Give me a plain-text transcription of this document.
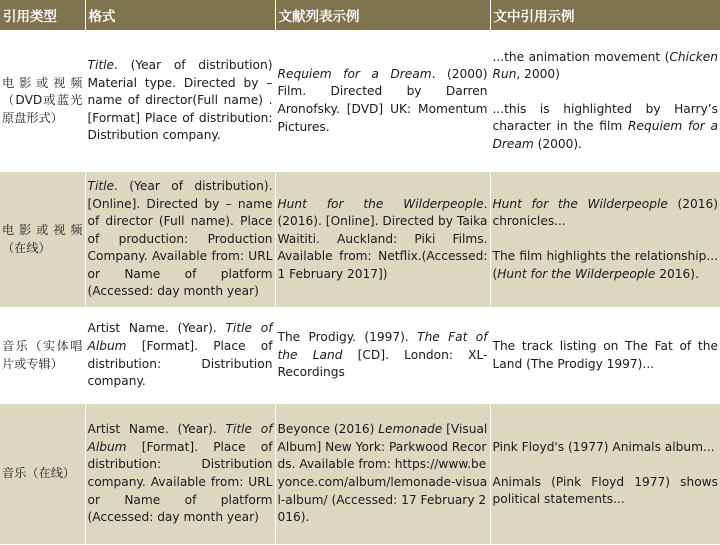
引用类型	格式	文献列表示例	文中引用示例
电影或视频（DVD或蓝光原盘形式）	Title. (Year of distribution) Material type. Directed by – name of director(Full name) . [Format] Place of distribution: Distribution company.	Requiem for a Dream. (2000) Film. Directed by Darren Aronofsky. [DVD] UK: Momentum Pictures.	...the animation movement (Chicken Run, 2000)
...this is highlighted by Harry’s character in the film Requiem for a Dream (2000).

电影或视频（在线）	Title. (Year of distribution). [Online]. Directed by – name of director (Full name). Place of production: Production Company. Available from: URL or Name of platform (Accessed: day month year)	Hunt for the Wilderpeople. (2016). [Online]. Directed by Taika Waititi. Auckland: Piki Films. Available from: Netflix.(Accessed: 1 February 2017])	Hunt for the Wilderpeople (2016) chronicles...
The film highlights the relationship...(Hunt for the Wilderpeople 2016).

音乐（实体唱片或专辑）	Artist Name. (Year). Title of Album [Format]. Place of distribution: Distribution company.	The Prodigy. (1997). The Fat of the Land [CD]. London: XL-Recordings	The track listing on The Fat of the Land (The Prodigy 1997)...

音乐（在线）	Artist Name. (Year). Title of Album [Format]. Place of distribution: Distribution company. Available from: URL or Name of platform (Accessed: day month year)	Beyonce (2016) Lemonade [Visual Album] New York: Parkwood Records. Available from: https://www.beyonce.com/album/lemonade-visual-album/ (Accessed: 17 February 2016).	Pink Floyd's (1977) Animals album...
Animals (Pink Floyd 1977) shows political statements...
